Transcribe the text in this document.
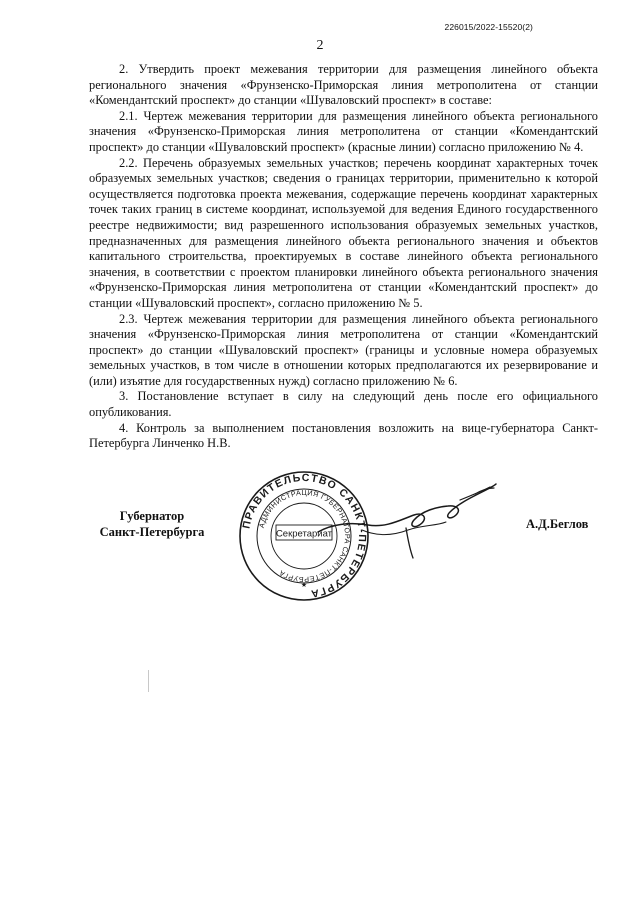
226015/2022-15520(2)
2

2. Утвердить проект межевания территории для размещения линейного объекта регионального значения «Фрунзенско-Приморская линия метрополитена от станции «Комендантский проспект» до станции «Шуваловский проспект» в составе:

2.1. Чертеж межевания территории для размещения линейного объекта регионального значения «Фрунзенско-Приморская линия метрополитена от станции «Комендантский проспект» до станции «Шуваловский проспект» (красные линии) согласно приложению № 4.

2.2. Перечень образуемых земельных участков; перечень координат характерных точек образуемых земельных участков; сведения о границах территории, применительно к которой осуществляется подготовка проекта межевания, содержащие перечень координат характерных точек таких границ в системе координат, используемой для ведения Единого государственного реестре недвижимости; вид разрешенного использования образуемых земельных участков, предназначенных для размещения линейного объекта регионального значения и объектов капитального строительства, проектируемых в составе линейного объекта регионального значения, в соответствии с проектом планировки линейного объекта регионального значения «Фрунзенско-Приморская линия метрополитена от станции «Комендантский проспект» до станции «Шуваловский проспект», согласно приложению № 5.

2.3. Чертеж межевания территории для размещения линейного объекта регионального значения «Фрунзенско-Приморская линия метрополитена от станции «Комендантский проспект» до станции «Шуваловский проспект» (границы и условные номера образуемых земельных участков, в том числе в отношении которых предполагаются их резервирование и (или) изъятие для государственных нужд) согласно приложению № 6.

3. Постановление вступает в силу на следующий день после его официального опубликования.

4. Контроль за выполнением постановления возложить на вице-губернатора Санкт-Петербурга Линченко Н.В.

Губернатор
Санкт-Петербурга
ПРАВИТЕЛЬСТВО САНКТ-ПЕТЕРБУРГА
АДМИНИСТРАЦИЯ ГУБЕРНАТОРА САНКТ-ПЕТЕРБУРГА
Секретариат
★
А.Д.Беглов
